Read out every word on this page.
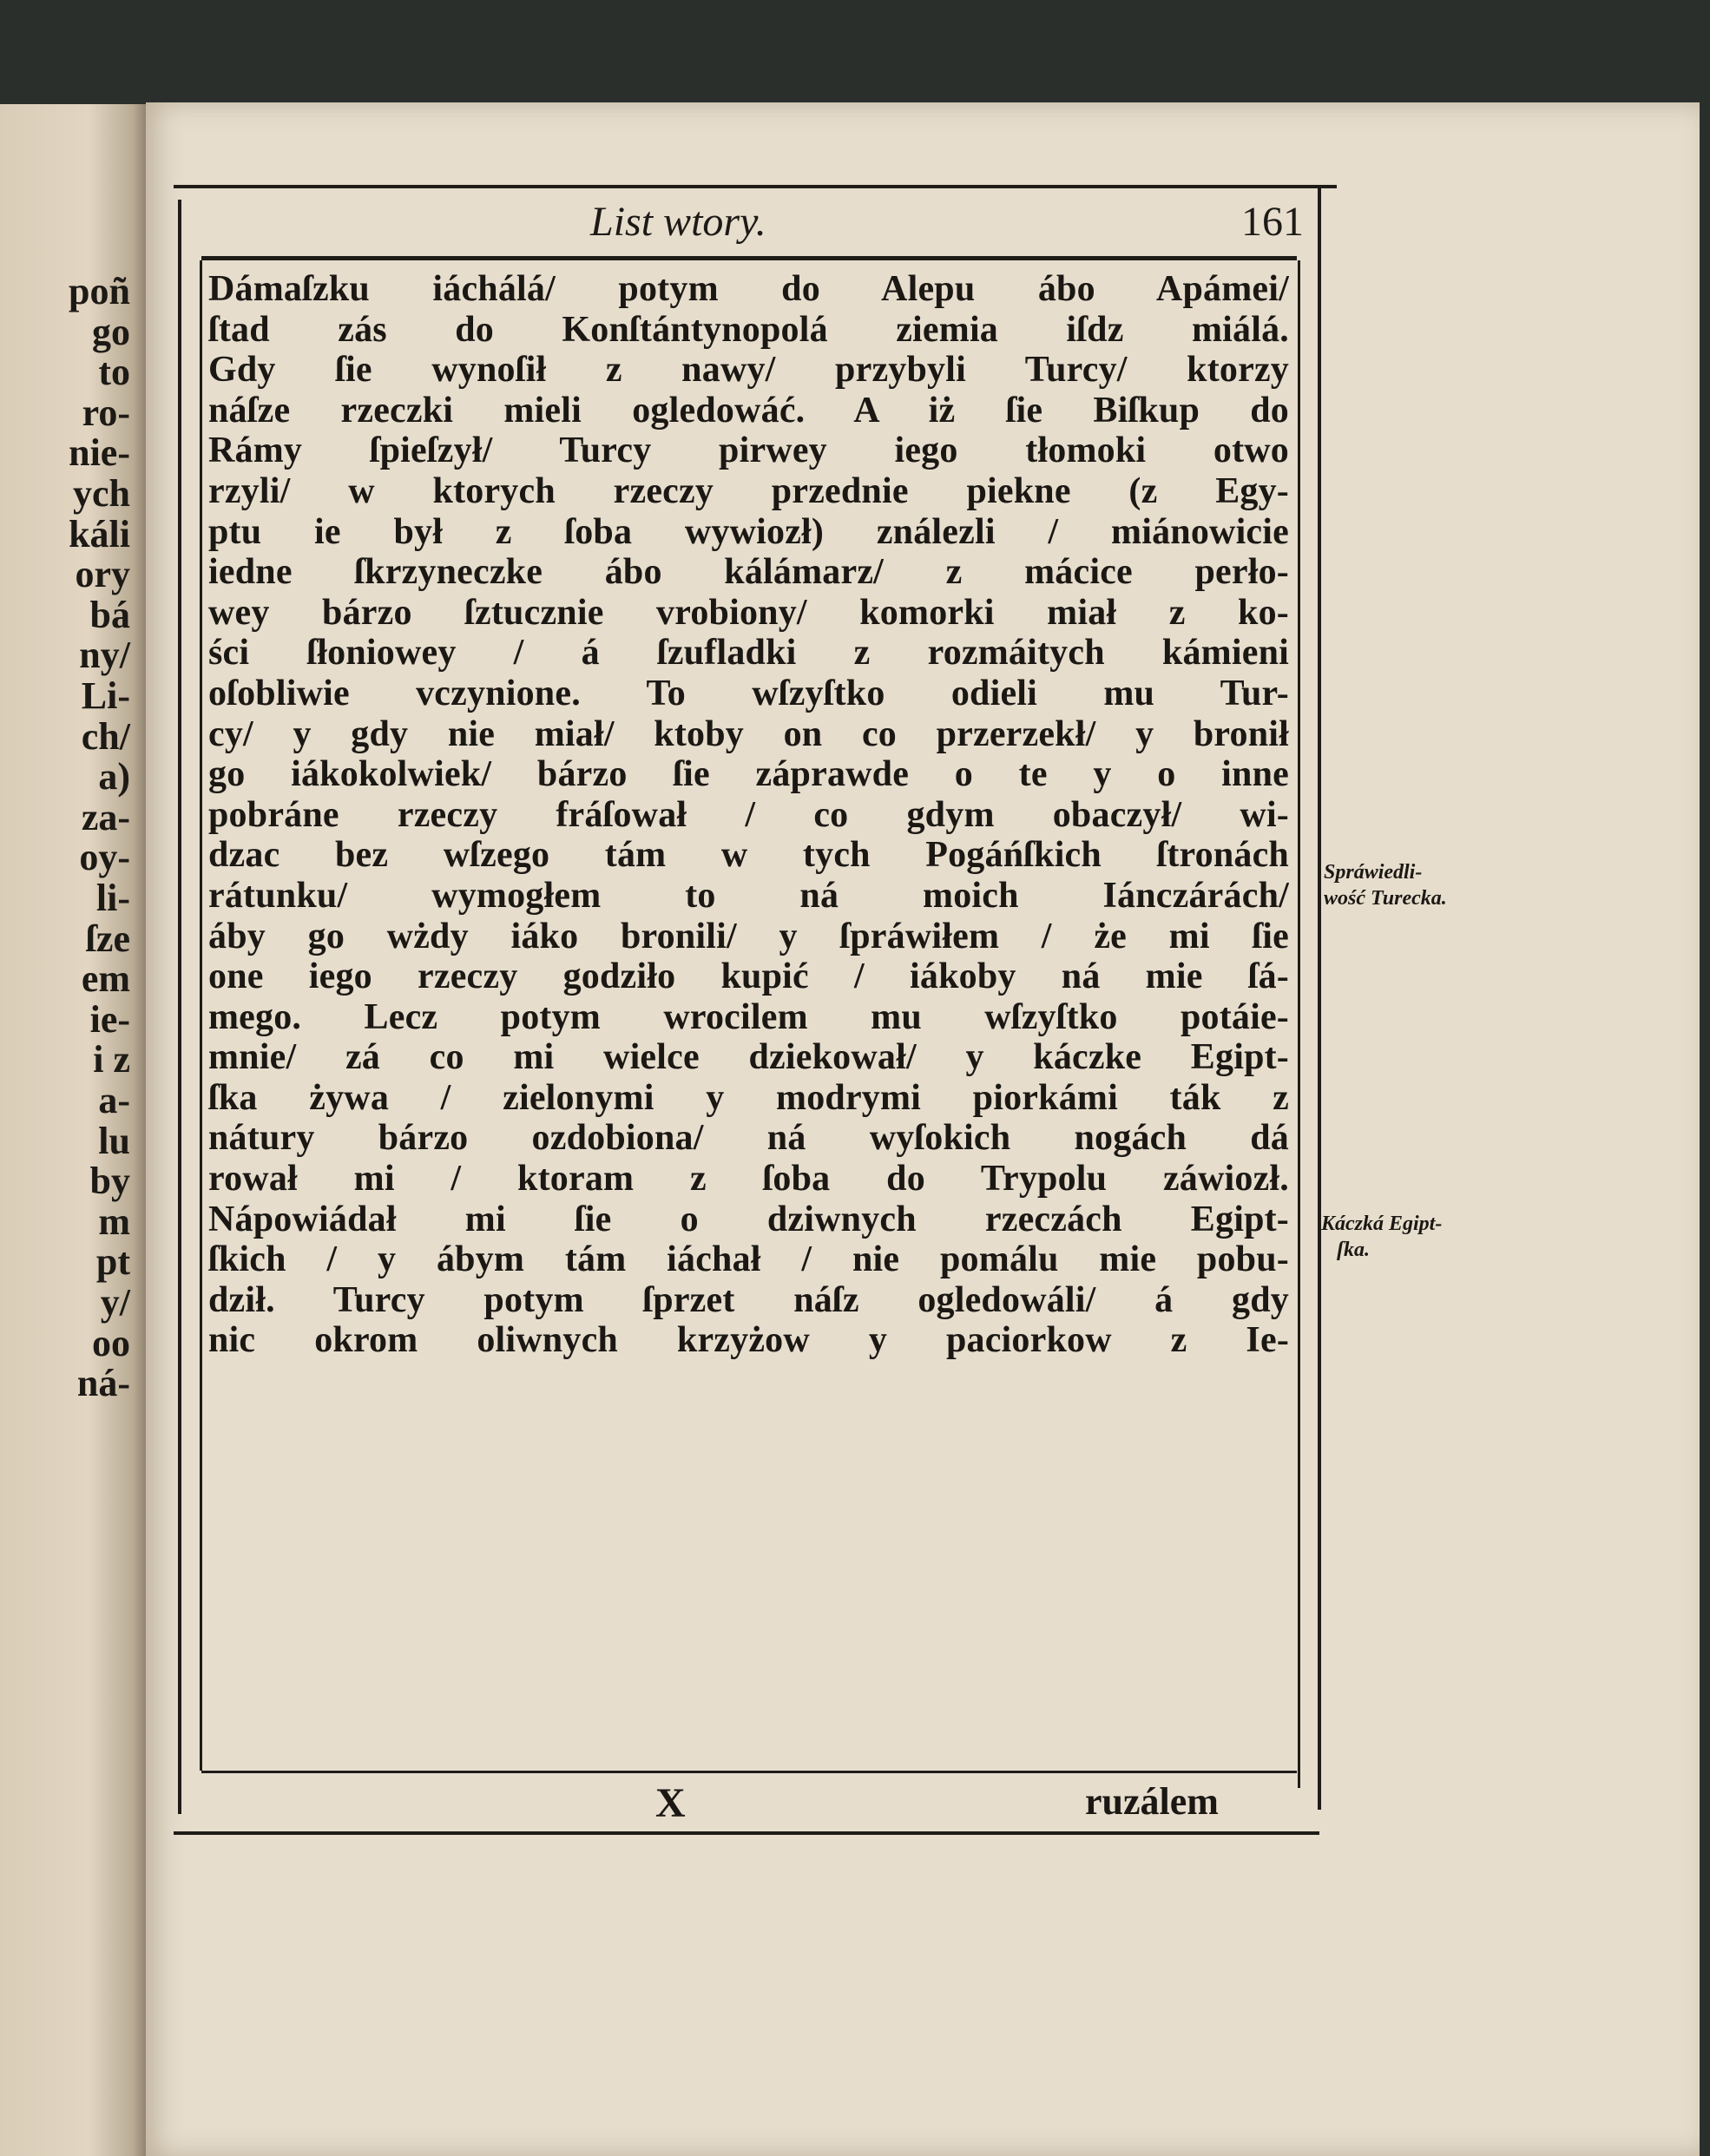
poñ
go
to
ro-
nie-
ych
káli
ory
bá
ny/
Li-
ch/
a)
za-
oy-
li-
ſze
em
ie-
i z
a-
lu
by
m
pt
y/
oo
ná-
List wtory.	161
Dámaſzku iáchálá/ potym do Alepu ábo Apámei/
ſtad zás do Konſtántynopolá ziemia iſdz miálá.
Gdy ſie wynoſił z nawy/ przybyli Turcy/ ktorzy
náſze rzeczki mieli ogledowáć. A iż ſie Biſkup do
Rámy ſpieſzył/ Turcy pirwey iego tłomoki otwo
rzyli/ w ktorych rzeczy przednie piekne (z Egy-
ptu ie był z ſoba wywiozł) ználezli / miánowicie
iedne ſkrzyneczke ábo kálámarz/ z mácice perło-
wey bárzo ſztucznie vrobiony/ komorki miał z ko-
ści ſłoniowey / á ſzufladki z rozmáitych kámieni
oſobliwie vczynione. To wſzyſtko odieli mu Tur-
cy/ y gdy nie miał/ ktoby on co przerzekł/ y bronił
go iákokolwiek/ bárzo ſie záprawde o te y o inne
pobráne rzeczy fráſował / co gdym obaczył/ wi-
dzac bez wſzego tám w tych Pogáńſkich ſtronách
rátunku/ wymogłem to ná moich Iánczárách/
áby go wżdy iáko bronili/ y ſpráwiłem / że mi ſie
one iego rzeczy godziło kupić / iákoby ná mie ſá-
mego. Lecz potym wrocilem mu wſzyſtko potáie-
mnie/ zá co mi wielce dziekował/ y káczke Egipt-
ſka żywa / zielonymi y modrymi piorkámi ták z
nátury bárzo ozdobiona/ ná wyſokich nogách dá
rował mi / ktoram z ſoba do Trypolu záwiozł.
Nápowiádał mi ſie o dziwnych rzeczách Egipt-
ſkich / y ábym tám iáchał / nie pomálu mie pobu-
dził. Turcy potym ſprzet náſz ogledowáli/ á gdy
nic okrom oliwnych krzyżow y paciorkow z Ie-
X	ruzálem
Spráwiedli-
wość Turecka.
Káczká Egipt-
ſka.
